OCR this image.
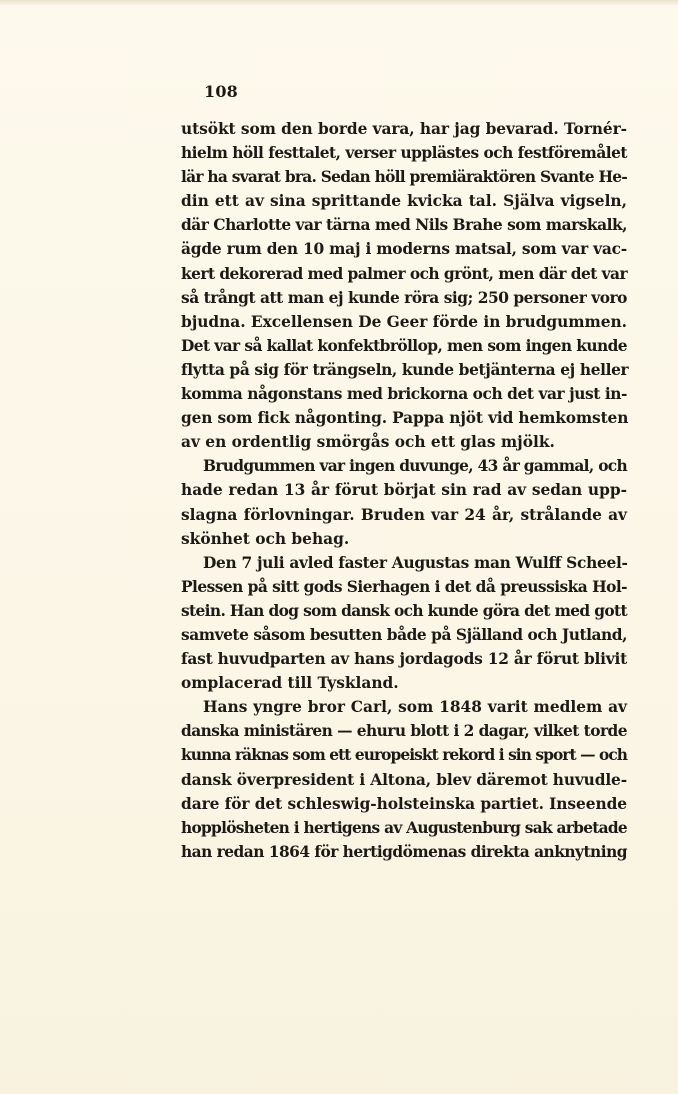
108

utsökt som den borde vara, har jag bevarad. Tornér-
hielm höll festtalet, verser upplästes och festföremålet
lär ha svarat bra. Sedan höll premiäraktören Svante He-
din ett av sina sprittande kvicka tal. Själva vigseln,
där Charlotte var tärna med Nils Brahe som marskalk,
ägde rum den 10 maj i moderns matsal, som var vac-
kert dekorerad med palmer och grönt, men där det var
så trångt att man ej kunde röra sig; 250 personer voro
bjudna. Excellensen De Geer förde in brudgummen.
Det var så kallat konfektbröllop, men som ingen kunde
flytta på sig för trängseln, kunde betjänterna ej heller
komma någonstans med brickorna och det var just in-
gen som fick någonting. Pappa njöt vid hemkomsten
av en ordentlig smörgås och ett glas mjölk.

Brudgummen var ingen duvunge, 43 år gammal, och
hade redan 13 år förut börjat sin rad av sedan upp-
slagna förlovningar. Bruden var 24 år, strålande av
skönhet och behag.

Den 7 juli avled faster Augustas man Wulff Scheel-
Plessen på sitt gods Sierhagen i det då preussiska Hol-
stein. Han dog som dansk och kunde göra det med gott
samvete såsom besutten både på Själland och Jutland,
fast huvudparten av hans jordagods 12 år förut blivit
omplacerad till Tyskland.

Hans yngre bror Carl, som 1848 varit medlem av
danska ministären — ehuru blott i 2 dagar, vilket torde
kunna räknas som ett europeiskt rekord i sin sport — och
dansk överpresident i Altona, blev däremot huvudle-
dare för det schleswig-holsteinska partiet. Inseende
hopplösheten i hertigens av Augustenburg sak arbetade
han redan 1864 för hertigdömenas direkta anknytning
